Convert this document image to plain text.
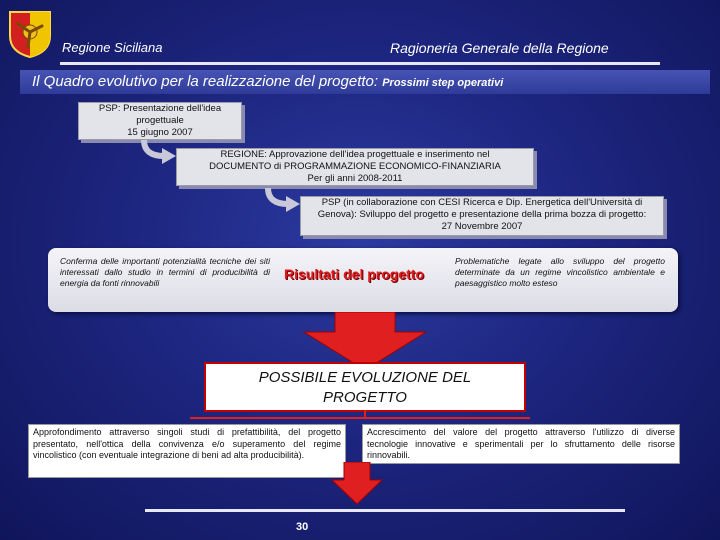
Regione Siciliana	Ragioneria Generale della Regione
Il Quadro evolutivo per la realizzazione del progetto: Prossimi step operativi
PSP: Presentazione dell'idea
progettuale
15 giugno 2007
REGIONE: Approvazione dell'idea progettuale e inserimento nel
DOCUMENTO di PROGRAMMAZIONE ECONOMICO-FINANZIARIA
Per gli anni 2008-2011
PSP (in collaborazione con CESI Ricerca e Dip. Energetica dell'Università di
Genova): Sviluppo del progetto e presentazione della prima bozza di progetto:
27 Novembre 2007
Conferma delle importanti potenzialità tecniche dei siti interessati dallo studio in termini di producibilità di energia da fonti rinnovabili
Risultati del progetto
Problematiche legate allo sviluppo del progetto determinate da un regime vincolistico ambientale e paesaggistico molto esteso
POSSIBILE EVOLUZIONE DEL
PROGETTO
Approfondimento attraverso singoli studi di prefattibilità, del progetto presentato, nell'ottica della convivenza e/o superamento del regime vincolistico (con eventuale integrazione di beni ad alta producibilità).
Accrescimento del valore del progetto attraverso l'utilizzo di diverse tecnologie innovative e sperimentali per lo sfruttamento delle risorse rinnovabili.
30
